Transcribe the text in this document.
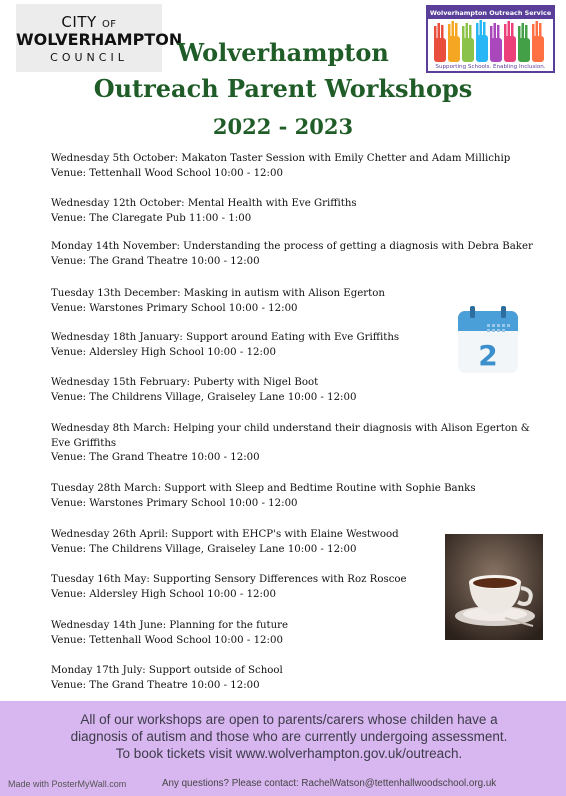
CITY OF
WOLVERHAMPTON
COUNCIL
Wolverhampton Outreach Service
Supporting Schools. Enabling Inclusion.
Wolverhampton
Outreach Parent Workshops
2022 - 2023
Wednesday 5th October: Makaton Taster Session with Emily Chetter and Adam Millichip
Venue: Tettenhall Wood School 10:00 - 12:00
Wednesday 12th October: Mental Health with Eve Griffiths
Venue: The Claregate Pub 11:00 - 1:00
Monday 14th November: Understanding the process of getting a diagnosis with Debra Baker
Venue: The Grand Theatre 10:00 - 12:00
Tuesday 13th December: Masking in autism with Alison Egerton
Venue: Warstones Primary School 10:00 - 12:00
Wednesday 18th January: Support around Eating with Eve Griffiths
Venue: Aldersley High School 10:00 - 12:00
Wednesday 15th February: Puberty with Nigel Boot
Venue: The Childrens Village, Graiseley Lane 10:00 - 12:00
Wednesday 8th March: Helping your child understand their diagnosis with Alison Egerton & Eve Griffiths
Venue: The Grand Theatre 10:00 - 12:00
Tuesday 28th March: Support with Sleep and Bedtime Routine with Sophie Banks
Venue: Warstones Primary School 10:00 - 12:00
Wednesday 26th April: Support with EHCP's with Elaine Westwood
Venue: The Childrens Village, Graiseley Lane 10:00 - 12:00
Tuesday 16th May: Supporting Sensory Differences with Roz Roscoe
Venue: Aldersley High School 10:00 - 12:00
Wednesday 14th June: Planning for the future
Venue: Tettenhall Wood School 10:00 - 12:00
Monday 17th July: Support outside of School
Venue: The Grand Theatre 10:00 - 12:00
2
All of our workshops are open to parents/carers whose childen have a
diagnosis of autism and those who are currently undergoing assessment.
To book tickets visit www.wolverhampton.gov.uk/outreach.
Made with PosterMyWall.com	Any questions? Please contact: RachelWatson@tettenhallwoodschool.org.uk
